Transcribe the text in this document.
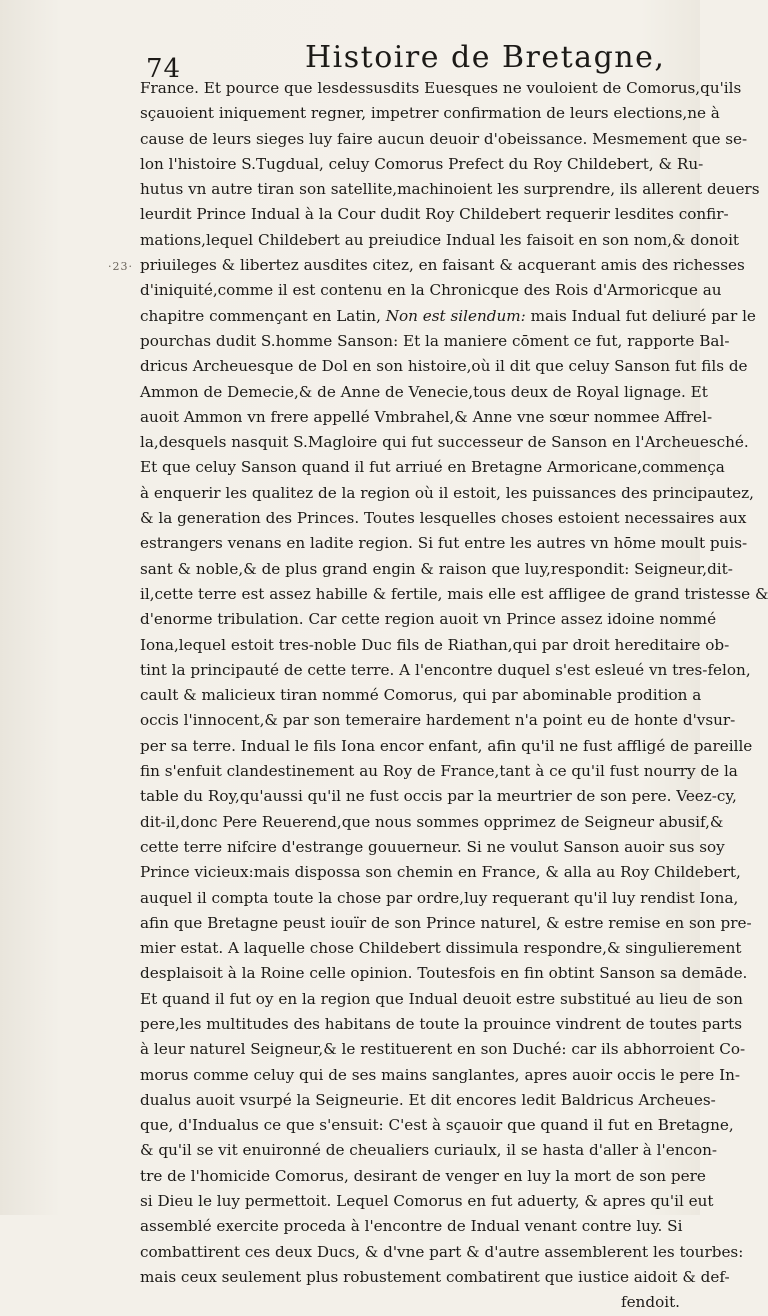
74	Histoire de Bretagne,
·23·
France. Et pource que lesdessusdits Euesques ne vouloient de Comorus,qu'ils
sçauoient iniquement regner, impetrer confirmation de leurs elections,ne à
cause de leurs sieges luy faire aucun deuoir d'obeissance. Mesmement que se-
lon l'histoire S.Tugdual, celuy Comorus Prefect du Roy Childebert, & Ru-
hutus vn autre tiran son satellite,machinoient les surprendre, ils allerent deuers
leurdit Prince Indual à la Cour dudit Roy Childebert requerir lesdites confir-
mations,lequel Childebert au preiudice Indual les faisoit en son nom,& donoit
priuileges & libertez ausdites citez, en faisant & acquerant amis des richesses
d'iniquité,comme il est contenu en la Chronicque des Rois d'Armoricque au
chapitre commençant en Latin, Non est silendum: mais Indual fut deliuré par le
pourchas dudit S.homme Sanson: Et la maniere cōment ce fut, rapporte Bal-
dricus Archeuesque de Dol en son histoire,où il dit que celuy Sanson fut fils de
Ammon de Demecie,& de Anne de Venecie,tous deux de Royal lignage. Et
auoit Ammon vn frere appellé Vmbrahel,& Anne vne sœur nommee Affrel-
la,desquels nasquit S.Magloire qui fut successeur de Sanson en l'Archeuesché.
Et que celuy Sanson quand il fut arriué en Bretagne Armoricane,commença
à enquerir les qualitez de la region où il estoit, les puissances des principautez,
& la generation des Princes. Toutes lesquelles choses estoient necessaires aux
estrangers venans en ladite region. Si fut entre les autres vn hōme moult puis-
sant & noble,& de plus grand engin & raison que luy,respondit: Seigneur,dit-
il,cette terre est assez habille & fertile, mais elle est affligee de grand tristesse &
d'enorme tribulation. Car cette region auoit vn Prince assez idoine nommé
Iona,lequel estoit tres-noble Duc fils de Riathan,qui par droit hereditaire ob-
tint la principauté de cette terre. A l'encontre duquel s'est esleué vn tres-felon,
cault & malicieux tiran nommé Comorus, qui par abominable prodition a
occis l'innocent,& par son temeraire hardement n'a point eu de honte d'vsur-
per sa terre. Indual le fils Iona encor enfant, afin qu'il ne fust affligé de pareille
fin s'enfuit clandestinement au Roy de France,tant à ce qu'il fust nourry de la
table du Roy,qu'aussi qu'il ne fust occis par la meurtrier de son pere. Veez-cy,
dit-il,donc Pere Reuerend,que nous sommes opprimez de Seigneur abusif,&
cette terre nifcire d'estrange gouuerneur. Si ne voulut Sanson auoir sus soy
Prince vicieux:mais dispossa son chemin en France, & alla au Roy Childebert,
auquel il compta toute la chose par ordre,luy requerant qu'il luy rendist Iona,
afin que Bretagne peust iouïr de son Prince naturel, & estre remise en son pre-
mier estat. A laquelle chose Childebert dissimula respondre,& singulierement
desplaisoit à la Roine celle opinion. Toutesfois en fin obtint Sanson sa demāde.
Et quand il fut oy en la region que Indual deuoit estre substitué au lieu de son
pere,les multitudes des habitans de toute la prouince vindrent de toutes parts
à leur naturel Seigneur,& le restituerent en son Duché: car ils abhorroient Co-
morus comme celuy qui de ses mains sanglantes, apres auoir occis le pere In-
dualus auoit vsurpé la Seigneurie. Et dit encores ledit Baldricus Archeues-
que, d'Indualus ce que s'ensuit: C'est à sçauoir que quand il fut en Bretagne,
& qu'il se vit enuironné de cheualiers curiaulx, il se hasta d'aller à l'encon-
tre de l'homicide Comorus, desirant de venger en luy la mort de son pere
si Dieu le luy permettoit. Lequel Comorus en fut aduerty, & apres qu'il eut
assemblé exercite proceda à l'encontre de Indual venant contre luy. Si
combattirent ces deux Ducs, & d'vne part & d'autre assemblerent les tourbes:
mais ceux seulement plus robustement combatirent que iustice aidoit & def-
fendoit.
